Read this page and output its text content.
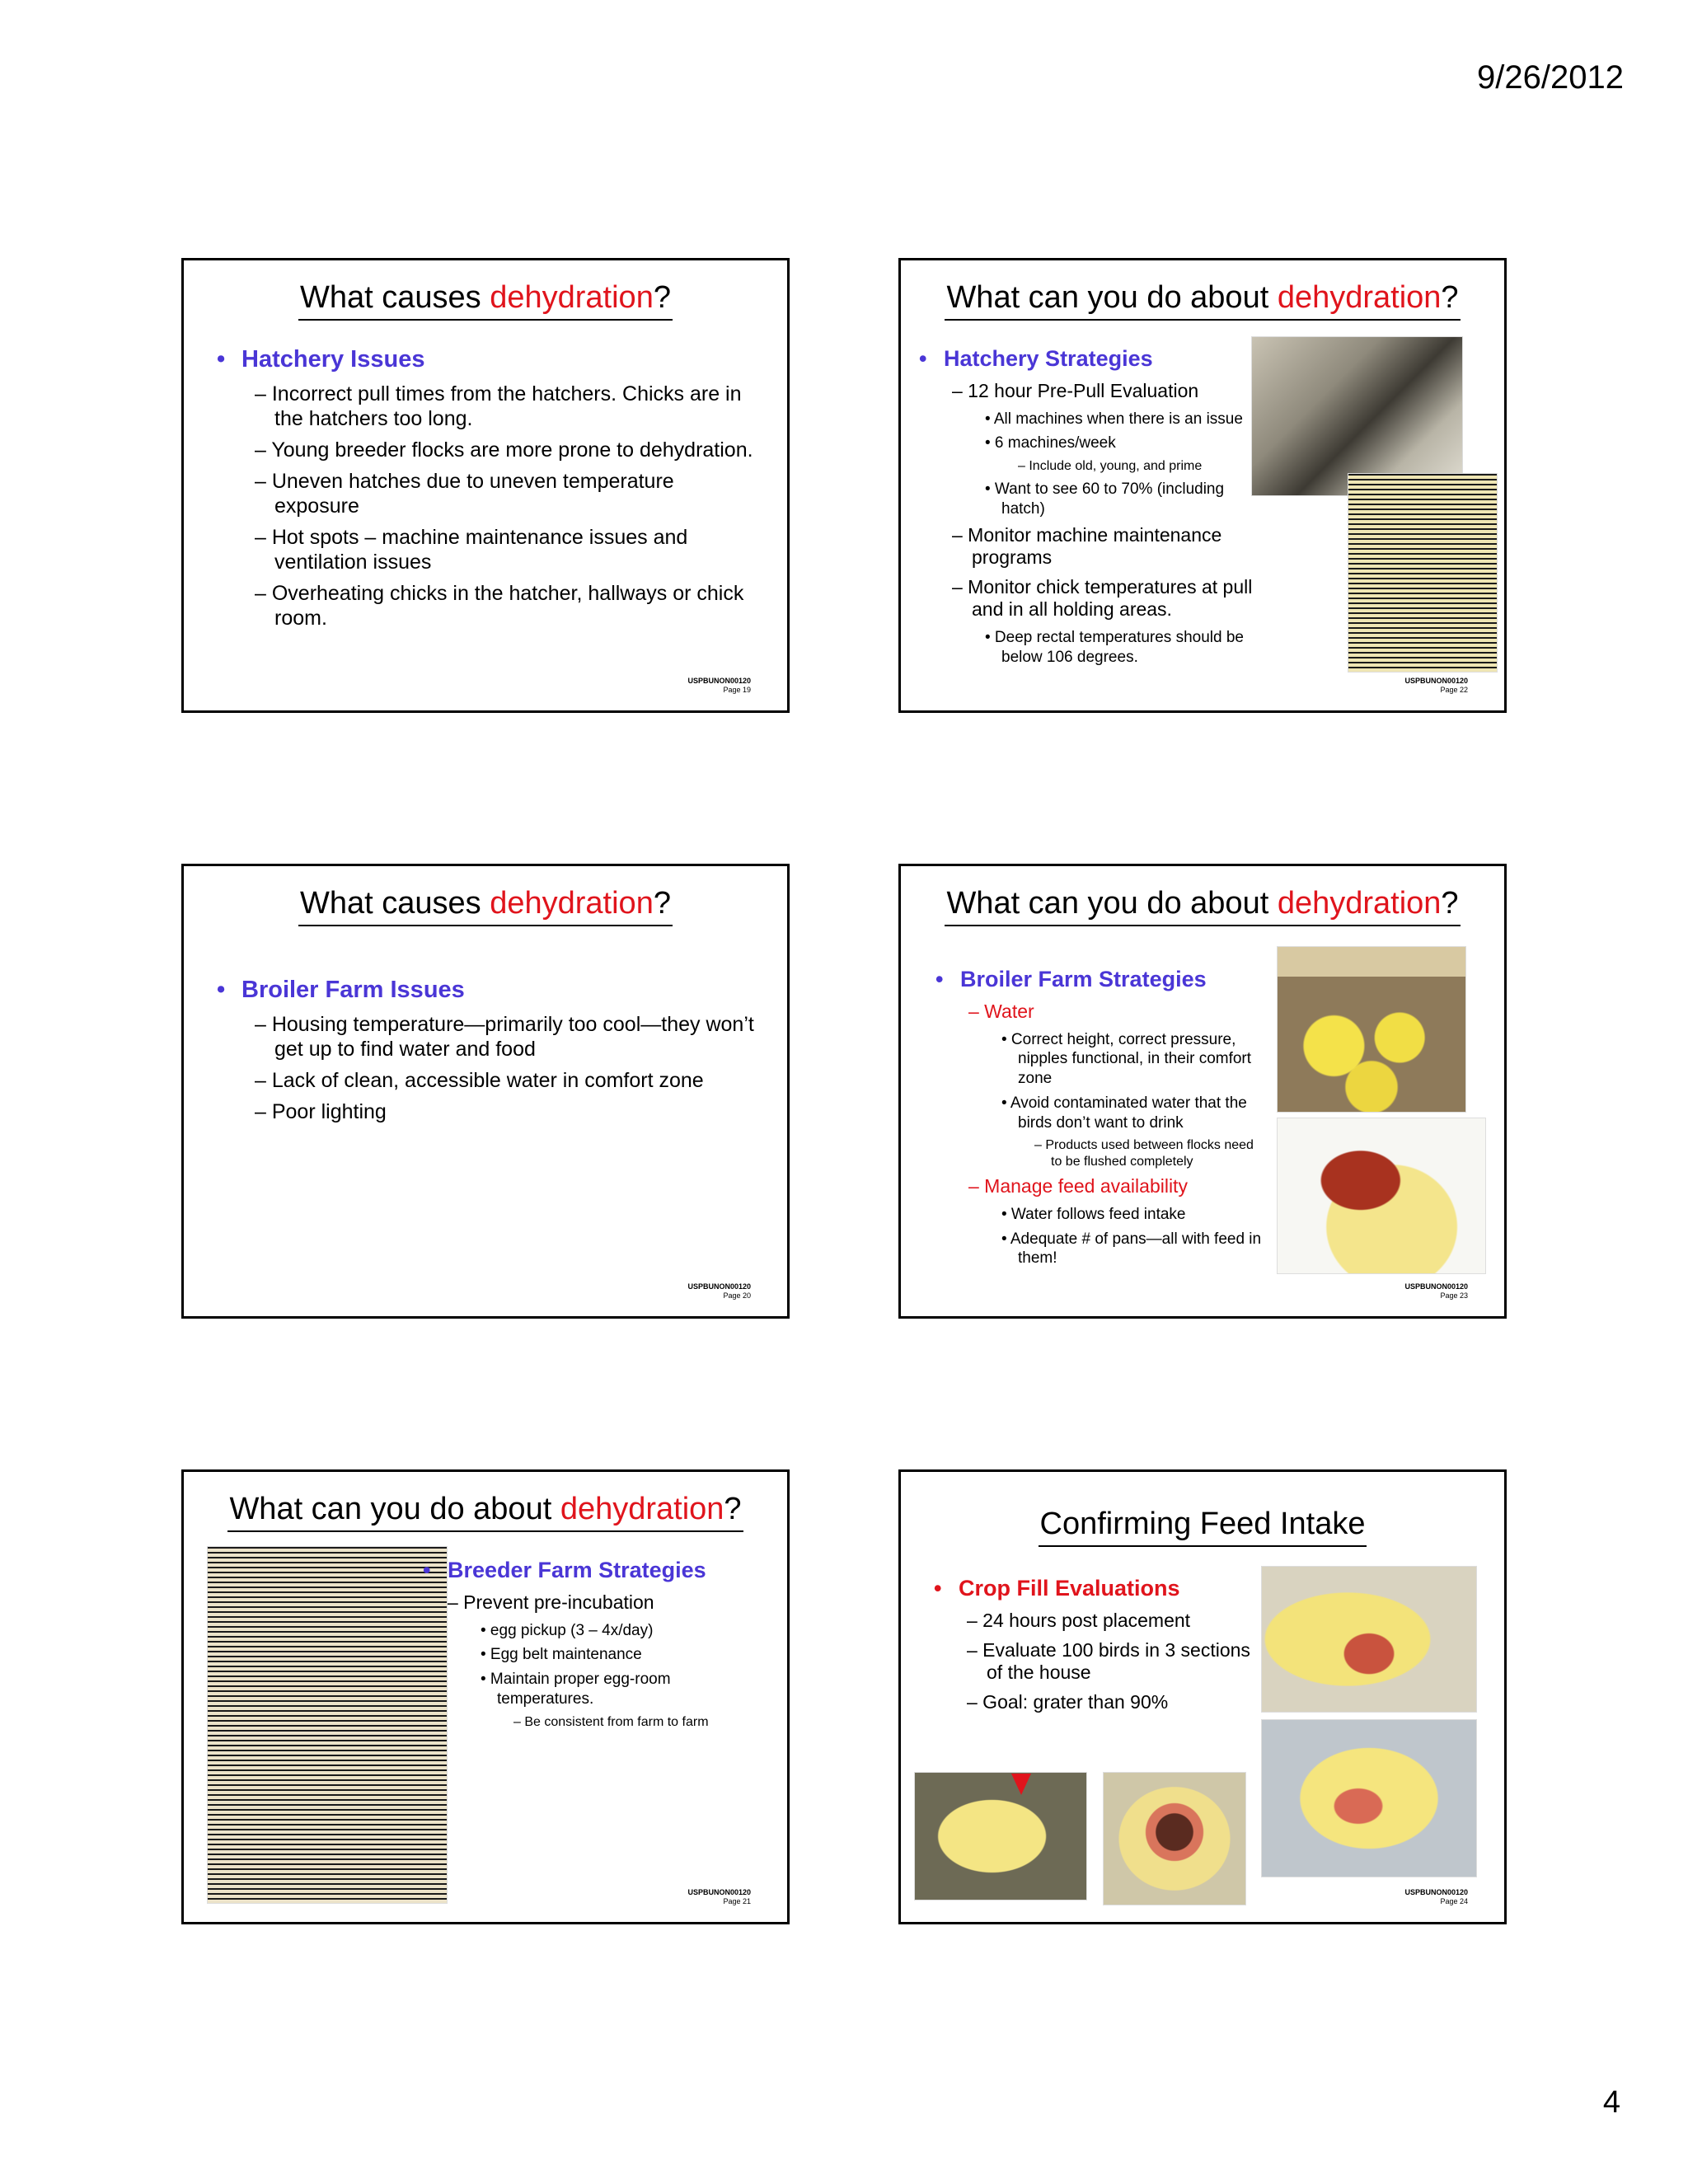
9/26/2012
What causes dehydration?
• Hatchery Issues
– Incorrect pull times from the hatchers. Chicks are in the hatchers too long.
– Young breeder flocks are more prone to dehydration.
– Uneven hatches due to uneven temperature exposure
– Hot spots – machine maintenance issues and ventilation issues
– Overheating chicks in the hatcher, hallways or chick room.
USPBUNON00120
Page 19
What can you do about dehydration?
• Hatchery Strategies
– 12 hour Pre-Pull Evaluation
• All machines when there is an issue
• 6 machines/week
– Include old, young, and prime
• Want to see 60 to 70% (including hatch)
– Monitor machine maintenance programs
– Monitor chick temperatures at pull and in all holding areas.
• Deep rectal temperatures should be below 106 degrees.
USPBUNON00120
Page 22
What causes dehydration?
• Broiler Farm Issues
– Housing temperature—primarily too cool—they won’t get up to find water and food
– Lack of clean, accessible water in comfort zone
– Poor lighting
USPBUNON00120
Page 20
What can you do about dehydration?
• Broiler Farm Strategies
– Water
• Correct height, correct pressure, nipples functional, in their comfort zone
• Avoid contaminated water that the birds don’t want to drink
– Products used between flocks need to be flushed completely
– Manage feed availability
• Water follows feed intake
• Adequate # of pans—all with feed in them!
USPBUNON00120
Page 23
What can you do about dehydration?
• Breeder Farm Strategies
– Prevent pre-incubation
• egg pickup (3 – 4x/day)
• Egg belt maintenance
• Maintain proper egg-room temperatures.
– Be consistent from farm to farm
USPBUNON00120
Page 21
Confirming Feed Intake
• Crop Fill Evaluations
– 24 hours post placement
– Evaluate 100 birds in 3 sections of the house
– Goal: grater than 90%
USPBUNON00120
Page 24
4
